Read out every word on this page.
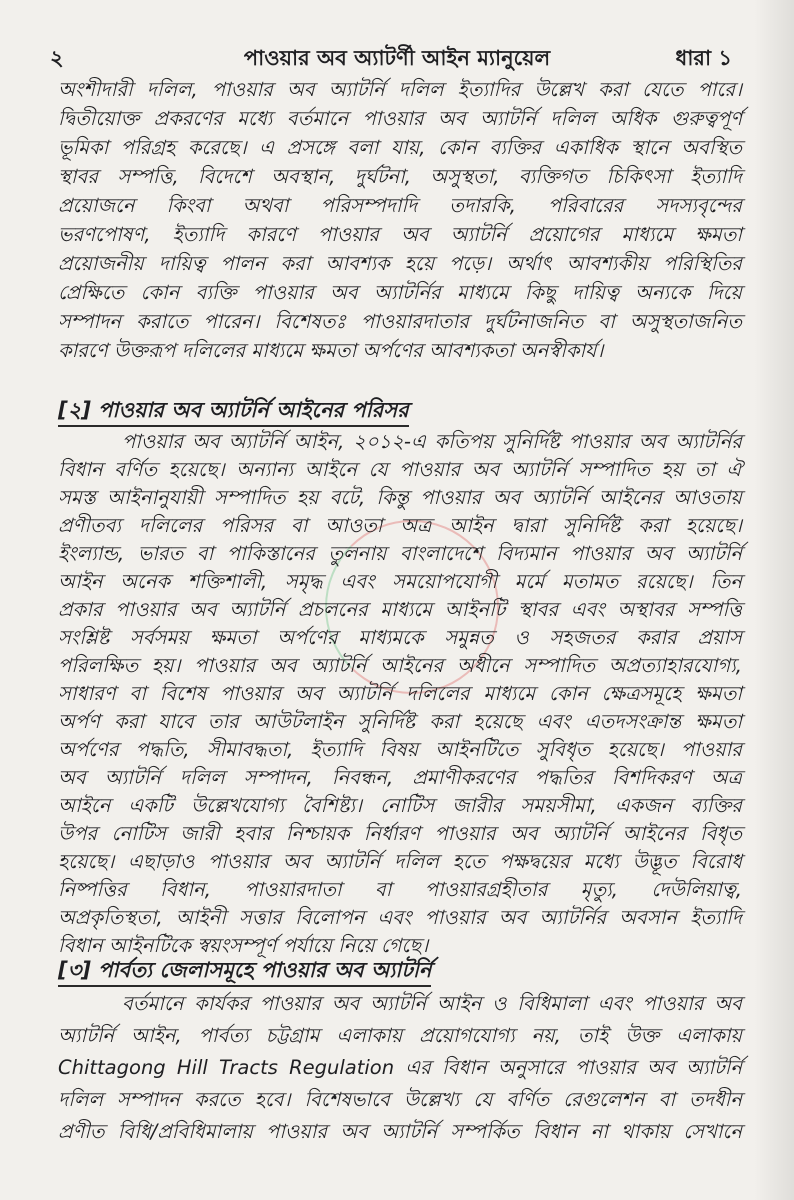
২	পাওয়ার অব অ্যাটর্ণী আইন ম্যানুয়েল	ধারা ১
অংশীদারী দলিল, পাওয়ার অব অ্যাটর্নি দলিল ইত্যাদির উল্লেখ করা যেতে পারে।
দ্বিতীয়োক্ত প্রকরণের মধ্যে বর্তমানে পাওয়ার অব অ্যাটর্নি দলিল অধিক গুরুত্বপূর্ণ
ভূমিকা পরিগ্রহ করেছে। এ প্রসঙ্গে বলা যায়, কোন ব্যক্তির একাধিক স্থানে অবস্থিত
স্থাবর সম্পত্তি, বিদেশে অবস্থান, দুর্ঘটনা, অসুস্থতা, ব্যক্তিগত চিকিৎসা ইত্যাদি
প্রয়োজনে কিংবা অথবা পরিসম্পদাদি তদারকি, পরিবারের সদস্যবৃন্দের
ভরণপোষণ, ইত্যাদি কারণে পাওয়ার অব অ্যাটর্নি প্রয়োগের মাধ্যমে ক্ষমতা
প্রয়োজনীয় দায়িত্ব পালন করা আবশ্যক হয়ে পড়ে। অর্থাৎ আবশ্যকীয় পরিস্থিতির
প্রেক্ষিতে কোন ব্যক্তি পাওয়ার অব অ্যাটর্নির মাধ্যমে কিছু দায়িত্ব অন্যকে দিয়ে
সম্পাদন করাতে পারেন। বিশেষতঃ পাওয়ারদাতার দুর্ঘটনাজনিত বা অসুস্থতাজনিত
কারণে উক্তরূপ দলিলের মাধ্যমে ক্ষমতা অর্পণের আবশ্যকতা অনস্বীকার্য।
[২] পাওয়ার অব অ্যাটর্নি আইনের পরিসর
পাওয়ার অব অ্যাটর্নি আইন, ২০১২-এ কতিপয় সুনির্দিষ্ট পাওয়ার অব অ্যাটর্নির
বিধান বর্ণিত হয়েছে। অন্যান্য আইনে যে পাওয়ার অব অ্যাটর্নি সম্পাদিত হয় তা ঐ
সমস্ত আইনানুযায়ী সম্পাদিত হয় বটে, কিন্তু পাওয়ার অব অ্যাটর্নি আইনের আওতায়
প্রণীতব্য দলিলের পরিসর বা আওতা অত্র আইন দ্বারা সুনির্দিষ্ট করা হয়েছে।
ইংল্যান্ড, ভারত বা পাকিস্তানের তুলনায় বাংলাদেশে বিদ্যমান পাওয়ার অব অ্যাটর্নি
আইন অনেক শক্তিশালী, সমৃদ্ধ এবং সময়োপযোগী মর্মে মতামত রয়েছে। তিন
প্রকার পাওয়ার অব অ্যাটর্নি প্রচলনের মাধ্যমে আইনটি স্থাবর এবং অস্থাবর সম্পত্তি
সংশ্লিষ্ট সর্বসময় ক্ষমতা অর্পণের মাধ্যমকে সমুন্নত ও সহজতর করার প্রয়াস
পরিলক্ষিত হয়। পাওয়ার অব অ্যাটর্নি আইনের অধীনে সম্পাদিত অপ্রত্যাহারযোগ্য,
সাধারণ বা বিশেষ পাওয়ার অব অ্যাটর্নি দলিলের মাধ্যমে কোন ক্ষেত্রসমূহে ক্ষমতা
অর্পণ করা যাবে তার আউটলাইন সুনির্দিষ্ট করা হয়েছে এবং এতদসংক্রান্ত ক্ষমতা
অর্পণের পদ্ধতি, সীমাবদ্ধতা, ইত্যাদি বিষয় আইনটিতে সুবিধৃত হয়েছে। পাওয়ার
অব অ্যাটর্নি দলিল সম্পাদন, নিবন্ধন, প্রমাণীকরণের পদ্ধতির বিশদিকরণ অত্র
আইনে একটি উল্লেখযোগ্য বৈশিষ্ট্য। নোটিস জারীর সময়সীমা, একজন ব্যক্তির
উপর নোটিস জারী হবার নিশ্চায়ক নির্ধারণ পাওয়ার অব অ্যাটর্নি আইনের বিধৃত
হয়েছে। এছাড়াও পাওয়ার অব অ্যাটর্নি দলিল হতে পক্ষদ্বয়ের মধ্যে উদ্ভূত বিরোধ
নিষ্পত্তির বিধান, পাওয়ারদাতা বা পাওয়ারগ্রহীতার মৃত্যু, দেউলিয়াত্ব,
অপ্রকৃতিস্থতা, আইনী সত্তার বিলোপন এবং পাওয়ার অব অ্যাটর্নির অবসান ইত্যাদি
বিধান আইনটিকে স্বয়ংসম্পূর্ণ পর্যায়ে নিয়ে গেছে।
[৩] পার্বত্য জেলাসমূহে পাওয়ার অব অ্যাটর্নি
বর্তমানে কার্যকর পাওয়ার অব অ্যাটর্নি আইন ও বিধিমালা এবং পাওয়ার অব
অ্যাটর্নি আইন, পার্বত্য চট্টগ্রাম এলাকায় প্রয়োগযোগ্য নয়, তাই উক্ত এলাকায়
Chittagong Hill Tracts Regulation এর বিধান অনুসারে পাওয়ার অব অ্যাটর্নি
দলিল সম্পাদন করতে হবে। বিশেষভাবে উল্লেখ্য যে বর্ণিত রেগুলেশন বা তদধীন
প্রণীত বিধি/প্রবিধিমালায় পাওয়ার অব অ্যাটর্নি সম্পর্কিত বিধান না থাকায় সেখানে
